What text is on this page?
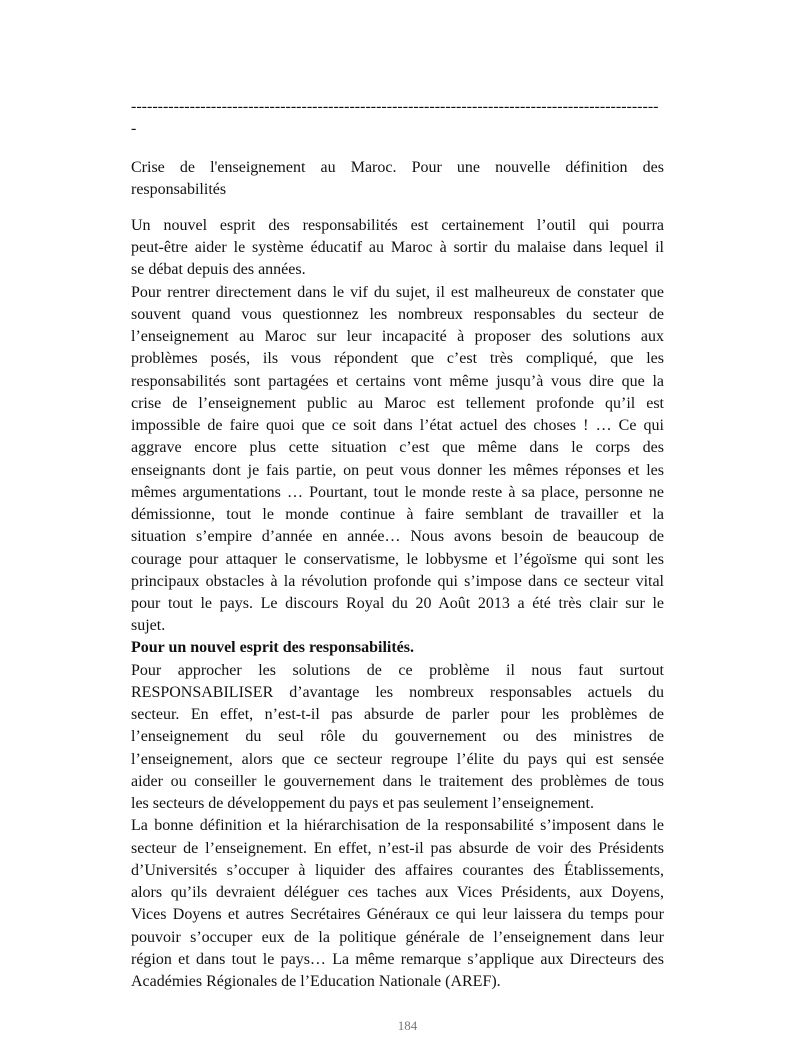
---------------------------------------------------------------------------------------------------
-
Crise de l'enseignement au Maroc. Pour une nouvelle définition des
responsabilités
Un nouvel esprit des responsabilités est certainement l’outil qui pourra
peut-être aider le système éducatif au Maroc à sortir du malaise dans lequel il
se débat depuis des années.
Pour rentrer directement dans le vif du sujet, il est malheureux de constater que
souvent quand vous questionnez les nombreux responsables du secteur de
l’enseignement au Maroc sur leur incapacité à proposer des solutions aux
problèmes posés, ils vous répondent que c’est très compliqué, que les
responsabilités sont partagées et certains vont même jusqu’à vous dire que la
crise de l’enseignement public au Maroc est tellement profonde qu’il est
impossible de faire quoi que ce soit dans l’état actuel des choses ! … Ce qui
aggrave encore plus cette situation c’est que même dans le corps des
enseignants dont je fais partie, on peut vous donner les mêmes réponses et les
mêmes argumentations … Pourtant, tout le monde reste à sa place, personne ne
démissionne, tout le monde continue à faire semblant de travailler et la
situation s’empire d’année en année… Nous avons besoin de beaucoup de
courage pour attaquer le conservatisme, le lobbysme et l’égoïsme qui sont les
principaux obstacles à la révolution profonde qui s’impose dans ce secteur vital
pour tout le pays. Le discours Royal du 20 Août 2013 a été très clair sur le
sujet.
Pour un nouvel esprit des responsabilités.
Pour approcher les solutions de ce problème il nous faut surtout
RESPONSABILISER d’avantage les nombreux responsables actuels du
secteur. En effet, n’est-t-il pas absurde de parler pour les problèmes de
l’enseignement du seul rôle du gouvernement ou des ministres de
l’enseignement, alors que ce secteur regroupe l’élite du pays qui est sensée
aider ou conseiller le gouvernement dans le traitement des problèmes de tous
les secteurs de développement du pays et pas seulement l’enseignement.
La bonne définition et la hiérarchisation de la responsabilité s’imposent dans le
secteur de l’enseignement. En effet, n’est-il pas absurde de voir des Présidents
d’Universités s’occuper à liquider des affaires courantes des Établissements,
alors qu’ils devraient déléguer ces taches aux Vices Présidents, aux Doyens,
Vices Doyens et autres Secrétaires Généraux ce qui leur laissera du temps pour
pouvoir s’occuper eux de la politique générale de l’enseignement dans leur
région et dans tout le pays… La même remarque s’applique aux Directeurs des
Académies Régionales de l’Education Nationale (AREF).
184
